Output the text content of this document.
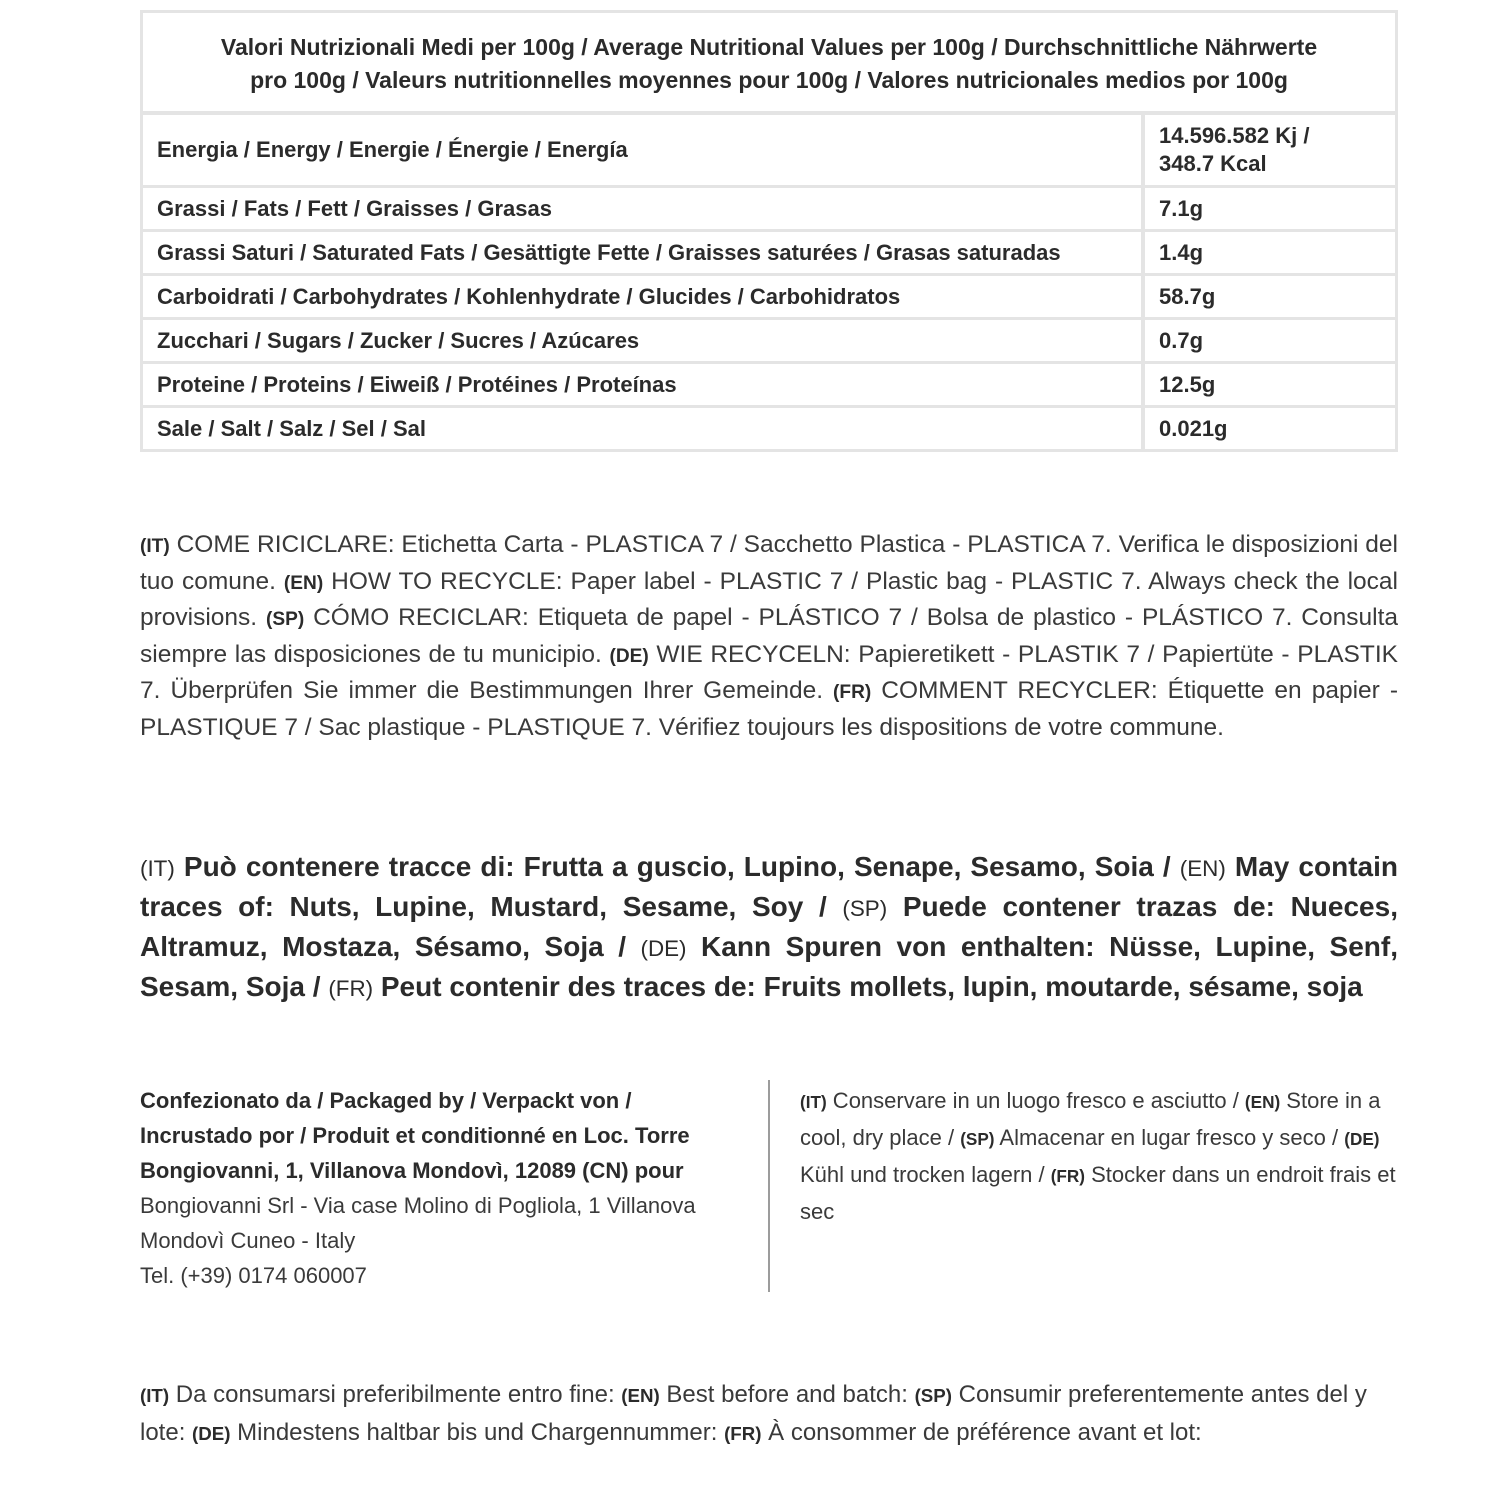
Valori Nutrizionali Medi per 100g / Average Nutritional Values per 100g / Durchschnittliche Nährwerte
pro 100g / Valeurs nutritionnelles moyennes pour 100g / Valores nutricionales medios por 100g	
Energia / Energy / Energie / Énergie / Energía	14.596.582 Kj /
348.7 Kcal
Grassi / Fats / Fett / Graisses / Grasas	7.1g
Grassi Saturi / Saturated Fats / Gesättigte Fette / Graisses saturées / Grasas saturadas	1.4g
Carboidrati / Carbohydrates / Kohlenhydrate / Glucides / Carbohidratos	58.7g
Zucchari / Sugars / Zucker / Sucres / Azúcares	0.7g
Proteine / Proteins / Eiweiß / Protéines / Proteínas	12.5g
Sale / Salt / Salz / Sel / Sal	0.021g

(IT) COME RICICLARE: Etichetta Carta - PLASTICA 7 / Sacchetto Plastica - PLASTICA 7. Verifica le disposizioni del tuo comune. (EN) HOW TO RECYCLE: Paper label - PLASTIC 7 / Plastic bag - PLASTIC 7. Always check the local provisions. (SP) CÓMO RECICLAR: Etiqueta de papel - PLÁSTICO 7 / Bolsa de plastico - PLÁSTICO 7. Consulta siempre las disposiciones de tu municipio. (DE) WIE RECYCELN: Papieretikett - PLASTIK 7 / Papiertüte - PLASTIK 7. Überprüfen Sie immer die Bestimmungen Ihrer Gemeinde. (FR) COMMENT RECYCLER: Étiquette en papier - PLASTIQUE 7 / Sac plastique - PLASTIQUE 7. Vérifiez toujours les dispositions de votre commune.

(IT) Può contenere tracce di: Frutta a guscio, Lupino, Senape, Sesamo, Soia / (EN) May contain traces of: Nuts, Lupine, Mustard, Sesame, Soy / (SP) Puede contener trazas de: Nueces, Altramuz, Mostaza, Sésamo, Soja / (DE) Kann Spuren von enthalten: Nüsse, Lupine, Senf, Sesam, Soja / (FR) Peut contenir des traces de: Fruits mollets, lupin, moutarde, sésame, soja

Confezionato da / Packaged by / Verpackt von /
Incrustado por / Produit et conditionné en Loc. Torre
Bongiovanni, 1, Villanova Mondovì, 12089 (CN) pour
Bongiovanni Srl - Via case Molino di Pogliola, 1 Villanova
Mondovì Cuneo - Italy
Tel. (+39) 0174 060007

(IT) Conservare in un luogo fresco e asciutto / (EN) Store in a cool, dry place / (SP) Almacenar en lugar fresco y seco / (DE) Kühl und trocken lagern / (FR) Stocker dans un endroit frais et sec

(IT) Da consumarsi preferibilmente entro fine: (EN) Best before and batch: (SP) Consumir preferentemente antes del y lote: (DE) Mindestens haltbar bis und Chargennummer: (FR) À consommer de préférence avant et lot:
